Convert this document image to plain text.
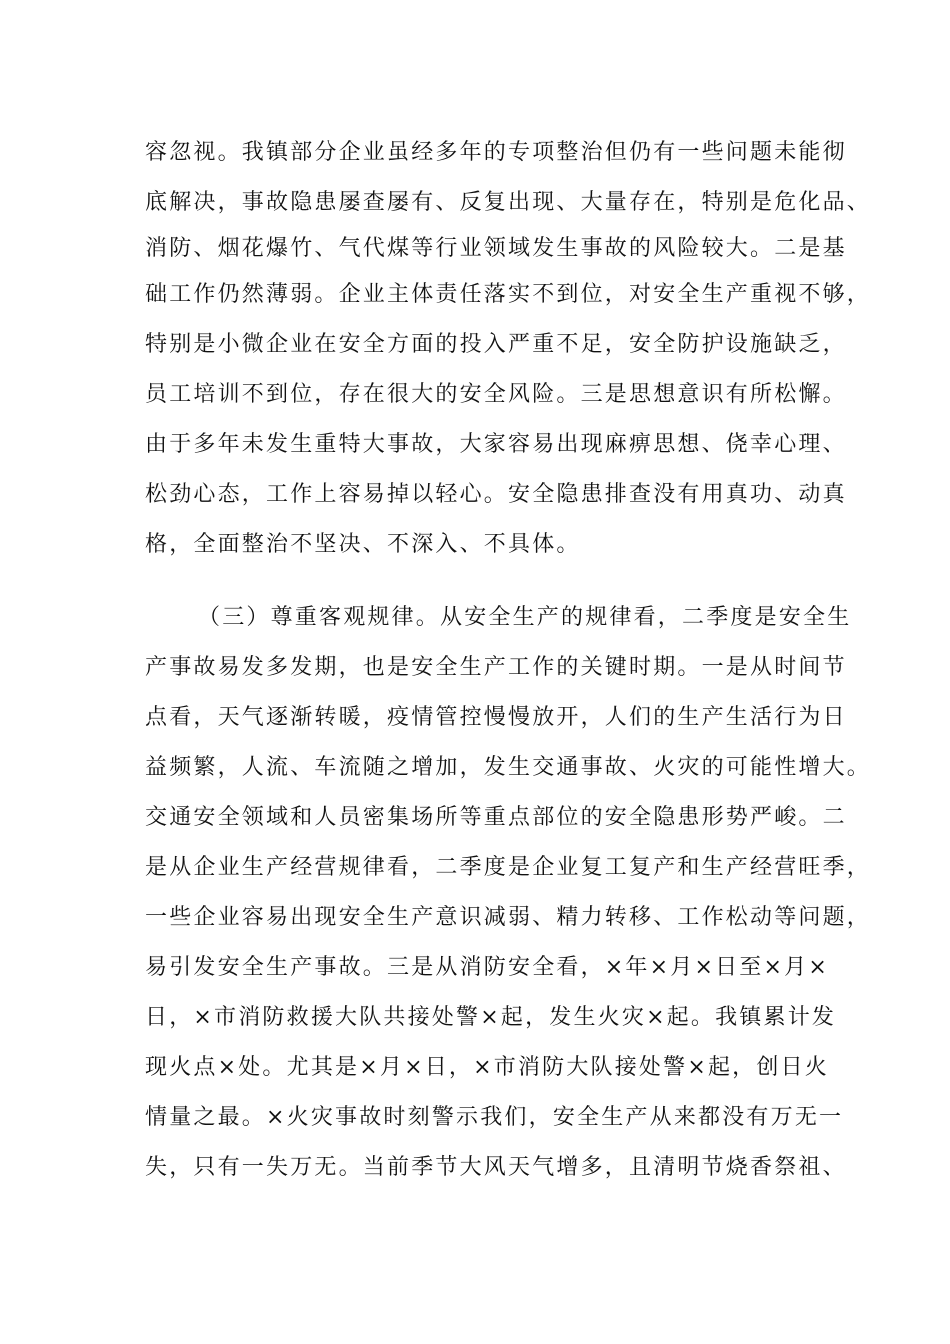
容忽视。我镇部分企业虽经多年的专项整治但仍有一些问题未能彻
底解决，事故隐患屡查屡有、反复出现、大量存在，特别是危化品、
消防、烟花爆竹、气代煤等行业领域发生事故的风险较大。二是基
础工作仍然薄弱。企业主体责任落实不到位，对安全生产重视不够，
特别是小微企业在安全方面的投入严重不足，安全防护设施缺乏，
员工培训不到位，存在很大的安全风险。三是思想意识有所松懈。
由于多年未发生重特大事故，大家容易出现麻痹思想、侥幸心理、
松劲心态，工作上容易掉以轻心。安全隐患排查没有用真功、动真
格，全面整治不坚决、不深入、不具体。
（三）尊重客观规律。从安全生产的规律看，二季度是安全生
产事故易发多发期，也是安全生产工作的关键时期。一是从时间节
点看，天气逐渐转暖，疫情管控慢慢放开，人们的生产生活行为日
益频繁，人流、车流随之增加，发生交通事故、火灾的可能性增大。
交通安全领域和人员密集场所等重点部位的安全隐患形势严峻。二
是从企业生产经营规律看，二季度是企业复工复产和生产经营旺季，
一些企业容易出现安全生产意识减弱、精力转移、工作松动等问题，
易引发安全生产事故。三是从消防安全看，×年×月×日至×月×
日，×市消防救援大队共接处警×起，发生火灾×起。我镇累计发
现火点×处。尤其是×月×日，×市消防大队接处警×起，创日火
情量之最。×火灾事故时刻警示我们，安全生产从来都没有万无一
失，只有一失万无。当前季节大风天气增多，且清明节烧香祭祖、
